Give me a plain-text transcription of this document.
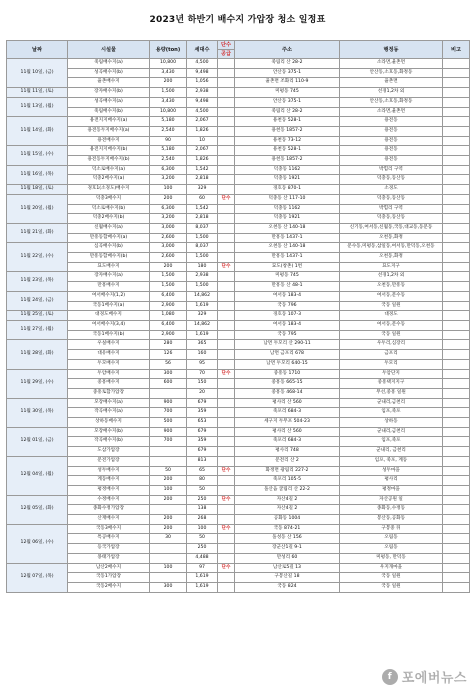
2023년 하반기 배수지 가압장 청소 일정표
날짜	시설물	용량(ton)	세대수	단수	주소	행정동	비고
				공급			
11월 10일, (금)	죽림배수지(a)	10,800	4,500		죽림리 산 28-2	소라면,율촌면	
	성곡배수지(b)	3,430	9,498		안산동 375-1	안산동,소호동,화정동	
	율촌배수지	200	1,056		율촌면 조화리 110-9	율촌면	
11월 11일, (토)	장자배수지(b)	1,500	2,938		미평동 745	선경1,2차 외	
11월 13일, (월)	성곡배수지(a)	3,430	9,498		안산동 375-1	안산동,소호동,화정동	
	죽림배수지(b)	10,800	4,500		죽림리 산 28-2	소라면,율촌면	
11월 14일, (화)	용전지지배수지(a)	5,180	2,067		용천동 528-1	용전동	
	용전동두지배수지(a)	2,540	1,826		용천동 1857-2	용전동	
	용전배수지	90	10		용천동 73-12	용전동	
11월 15일, (수)	용전지지배수지(b)	5,180	2,067		용천동 528-1	용전동	
	용전동두지배수지(b)	2,540	1,826		용천동 1857-2	용전동	
11월 16일, (목)	덕소로배수지(a)	6,300	1,542		덕충동 1162	박힘리 구역	
	덕충2배수지(a)	3,200	2,818		덕충동 1921	덕충동,동산동	
11월 18일, (토)	경호1(소경도)배수지	100	329		경호동 870-1	소경도	
11월 20일, (월)	덕충3배수지	200	60	단수	덕충동 산 117-10	덕충동,동산동	
	덕소로배수지(b)	6,300	1,542		덕충동 1162	박힘리 구역	
	덕충2배수지(b)	3,200	2,818		덕충동 1921	덕충동,동산동	
11월 21일, (화)	신월배수지(a)	3,000	8,037		오천동 산 140-18	신기동,여서동,신월동,국동,대교동,동문동	
	만흥동합배수지(a)	2,600	1,500		만흥동 1437-1	오천동,화정	
11월 22일, (수)	심곡배수지(b)	3,000	8,037		오천동 산 140-18	문수동,미평동,삼일동,여서동,만덕동,오천동	
	만흥동합배수지(b)	2,600	1,500		만흥동 1437-1	오천동,화정	
	묘도배수지	200	180	단수	묘도(창촌) 1번	묘도지구	
11월 23일, (목)	장자배수지(a)	1,500	2,938		미평동 745	선경1,2차 외	
	만흥배수지	1,500	1,500		만흥동 산 48-1	오천동,만흥동	
11월 24일, (금)	여서배수지(1,2)	6,400	14,862		여서동 183-4	여서동,문수동	
	국동1배수지(a)	2,900	1,619		국동 796	국동 일원	
11월 25일, (토)	대경도배수지	1,080	329		경호동 107-3	대경도	
11월 27일, (월)	여서배수지(3,4)	6,400	14,862		여서동 183-4	여서동,문수동	
	국동1배수지(b)	2,900	1,619		국동 795	국동 일원	
11월 28일, (화)	우실배수지	280	365		남면 두모리 산 290-11	우두리,심장리	
	대유배수지	126	160		남면 금포리 678	금포리	
	두모배수지	56	95		남면 두모리 640-15	두모리	
11월 29일, (수)	두암배수지	300	70	단수	중흥동 1710	두암단지	
	중흥배수지	600	150		중흥동 665-15	중흥택지지구	
	중흥토합가압장		20		중흥동 468-14	무선,중흥 일원	
11월 30일, (목)	모장배수지(a)	900	679		평사리 산 560	군내리,금천리	
	작곡배수지(a)	700	359		죽포리 684-3	임포,죽포	
	상하동배수지	500	653		세구지 두무포 504-23	상하동	
12월 01일, (금)	모장배수지(b)	900	679		평사리 산 560	군내리,금천리	
	작곡배수지(b)	700	359		죽포리 684-3	임포,죽포	
	도삼가압장		679		평사리 748	군내리, 금천리	
12월 04일, (월)	문전가압장		813		문전리 산 2	임포, 죽포, 계동	
	성두배수지	50	65	단수	화정면 광림리 227-2	성두마을	
	계동배수지	200	80		죽포리 105-5	평사리	
	평정배수지	100	50		돌산읍 굴림리 산 22-2	평정마을	
12월 05일, (화)	수정배수지	200	250	단수	자산4길 2	자산공원 일	
	종화수정가압장		138		자산4길 2	종화동,수정동	
	산재배수지	200	268		공화동 1004	봉산동,공화동	
12월 06일, (수)	국동3배수지	200	100	단수	국동 874-21	구봉중 뒤	
	특공배수지	30	50		돌성동 산 156	오림동	
	등국가압장		250		장군산1길 9-1	오림동	
	몽태가압장		4,488		만성리 60	미평동, 만덕동	
12월 07일, (목)	남산2배수지	100	97	단수	남산로5길 13	우지개마을	
	국동1가압장		1,619		구봉산길 18	국동 일원	
	국동2배수지	300	1,619		국동 824	국동 일원	
f 포에버뉴스
